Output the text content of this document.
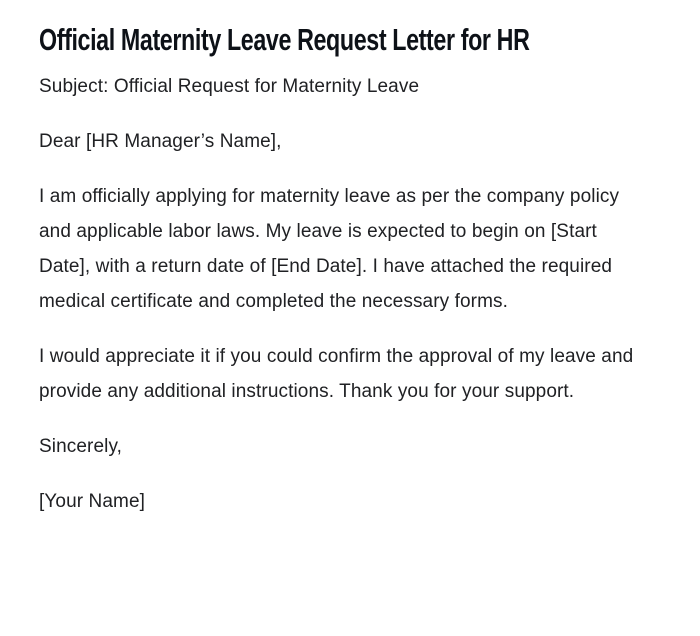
Official Maternity Leave Request Letter for HR

Subject: Official Request for Maternity Leave

Dear [HR Manager’s Name],

I am officially applying for maternity leave as per the company policy and applicable labor laws. My leave is expected to begin on [Start Date], with a return date of [End Date]. I have attached the required medical certificate and completed the necessary forms.

I would appreciate it if you could confirm the approval of my leave and provide any additional instructions. Thank you for your support.

Sincerely,

[Your Name]
